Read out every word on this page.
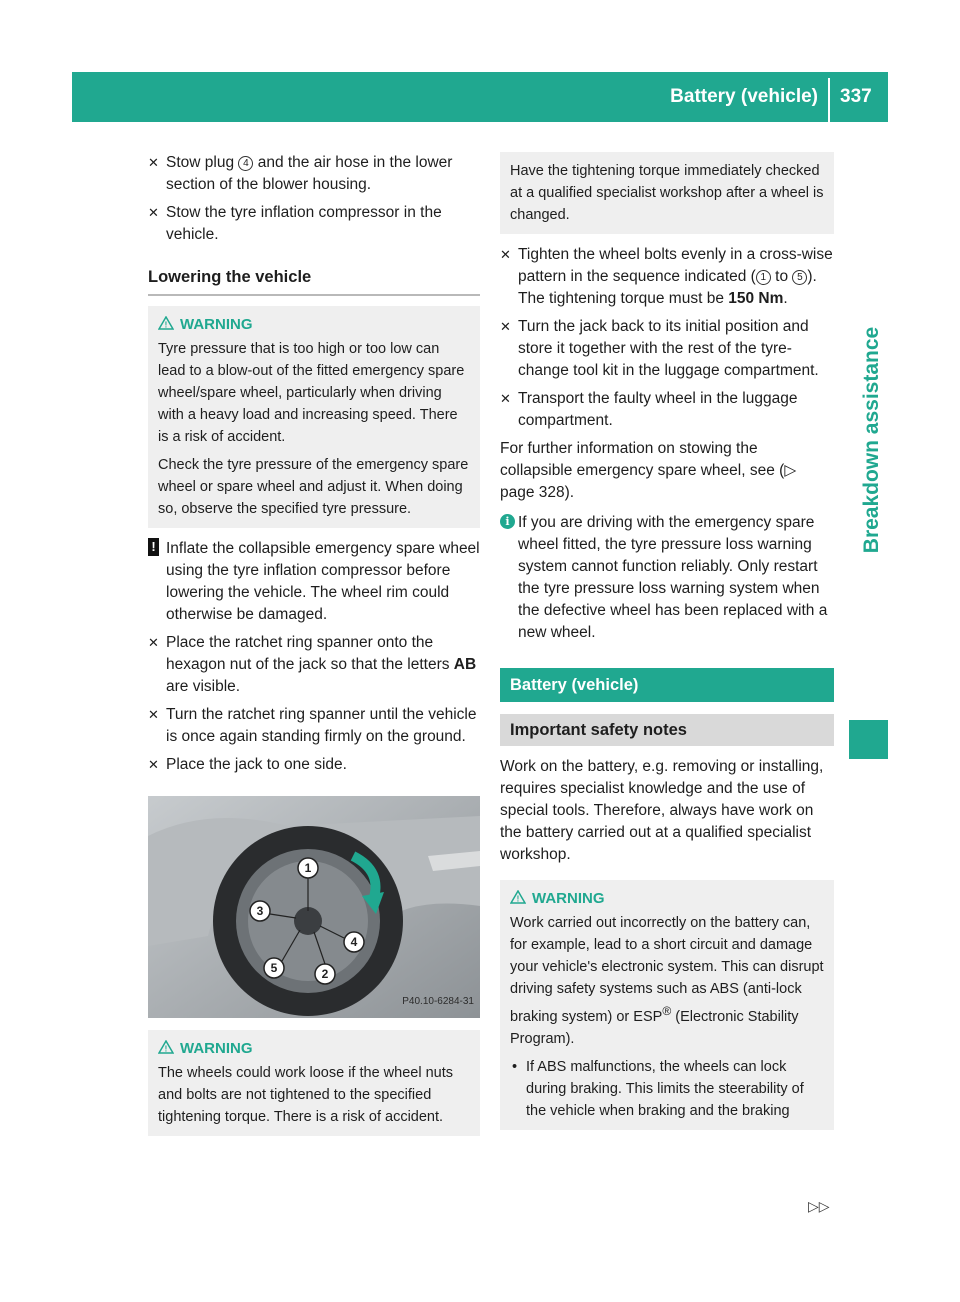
Battery (vehicle) 337
Breakdown assistance
✕ Stow plug 4 and the air hose in the lower section of the blower housing.
✕ Stow the tyre inflation compressor in the vehicle.
Lowering the vehicle
! WARNING
Tyre pressure that is too high or too low can lead to a blow-out of the fitted emergency spare wheel/spare wheel, particularly when driving with a heavy load and increasing speed. There is a risk of accident.
Check the tyre pressure of the emergency spare wheel or spare wheel and adjust it. When doing so, observe the specified tyre pressure.
! Inflate the collapsible emergency spare wheel using the tyre inflation compressor before lowering the vehicle. The wheel rim could otherwise be damaged.
✕ Place the ratchet ring spanner onto the hexagon nut of the jack so that the letters AB are visible.
✕ Turn the ratchet ring spanner until the vehicle is once again standing firmly on the ground.
✕ Place the jack to one side.
1
2
3
4
5
P40.10-6284-31
! WARNING
The wheels could work loose if the wheel nuts and bolts are not tightened to the specified tightening torque. There is a risk of accident.
Have the tightening torque immediately checked at a qualified specialist workshop after a wheel is changed.
✕ Tighten the wheel bolts evenly in a cross-wise pattern in the sequence indicated ( 1 to 5 ). The tightening torque must be 150 Nm.
✕ Turn the jack back to its initial position and store it together with the rest of the tyre-change tool kit in the luggage compartment.
✕ Transport the faulty wheel in the luggage compartment.
For further information on stowing the collapsible emergency spare wheel, see (▷ page 328).
i If you are driving with the emergency spare wheel fitted, the tyre pressure loss warning system cannot function reliably. Only restart the tyre pressure loss warning system when the defective wheel has been replaced with a new wheel.
Battery (vehicle)
Important safety notes
Work on the battery, e.g. removing or installing, requires specialist knowledge and the use of special tools. Therefore, always have work on the battery carried out at a qualified specialist workshop.
! WARNING
Work carried out incorrectly on the battery can, for example, lead to a short circuit and damage your vehicle's electronic system. This can disrupt driving safety systems such as ABS (anti-lock braking system) or ESP® (Electronic Stability Program).
• If ABS malfunctions, the wheels can lock during braking. This limits the steerability of the vehicle when braking and the braking
▷▷
